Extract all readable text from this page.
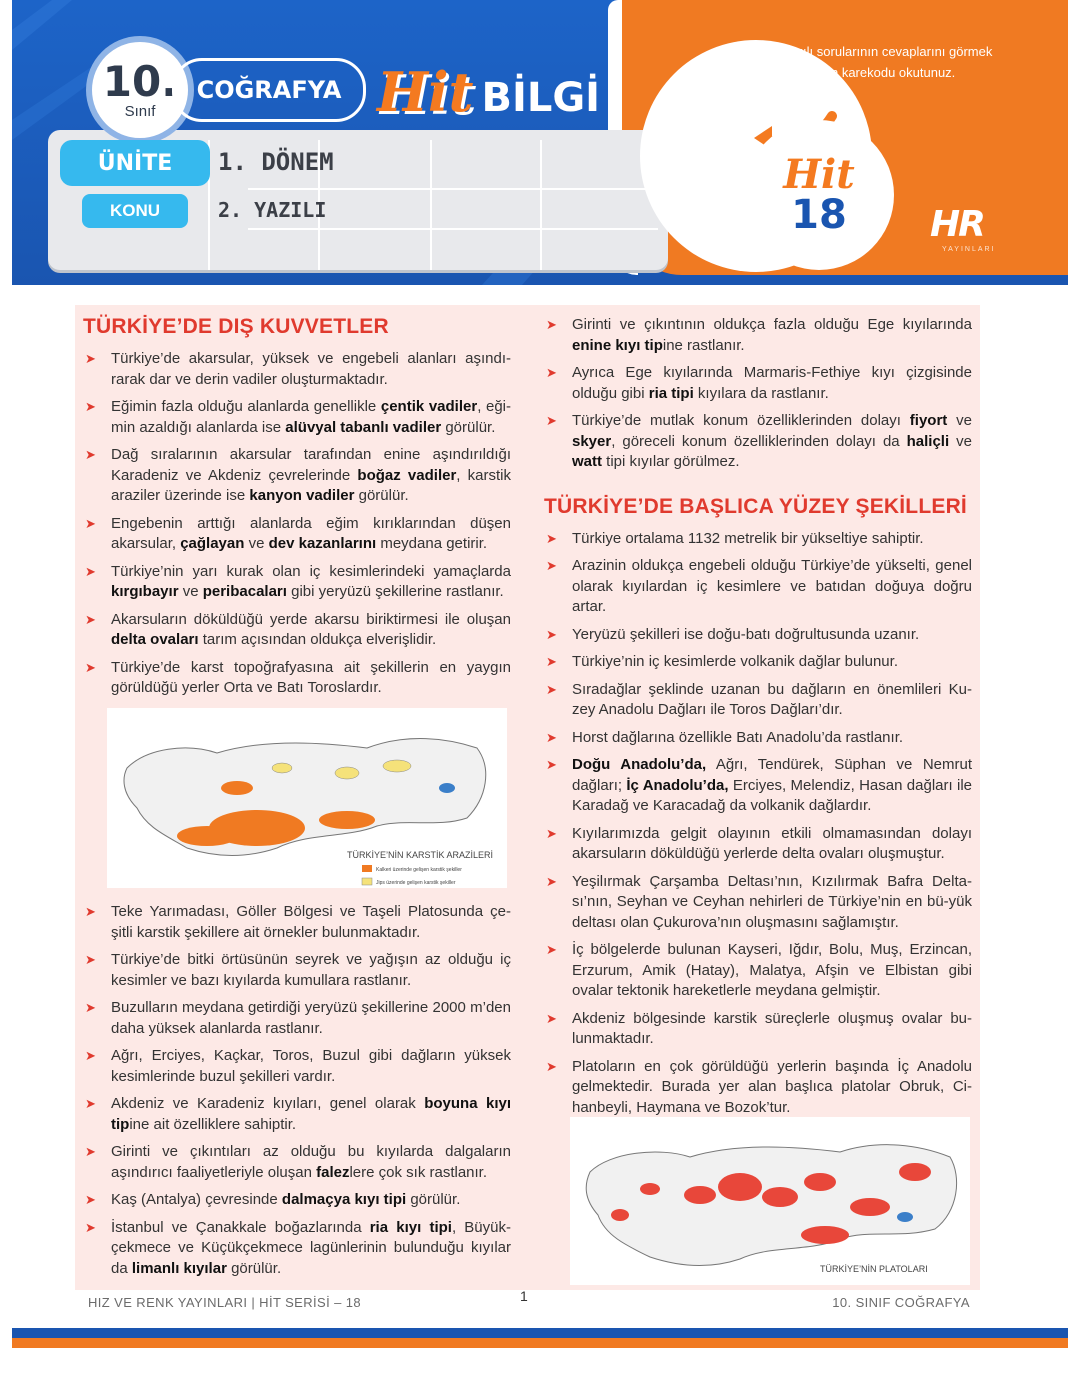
10.
Sınıf
COĞRAFYA Hit BİLGİ
ÜNİTE
KONU
1. DÖNEM
2. YAZILI
Yazılı sorularının cevaplarını görmek için karekodu okutunuz.
Hit
18 HR
YAYINLARI
TÜRKİYE’DE DIŞ KUVVETLER
➤ Türkiye’de akarsular, yüksek ve engebeli alanları aşındı-rarak dar ve derin vadiler oluşturmaktadır.
➤ Eğimin fazla olduğu alanlarda genellikle çentik vadiler, eği-min azaldığı alanlarda ise alüvyal tabanlı vadiler görülür.
➤ Dağ sıralarının akarsular tarafından enine aşındırıldığı Karadeniz ve Akdeniz çevrelerinde boğaz vadiler, karstik araziler üzerinde ise kanyon vadiler görülür.
➤ Engebenin arttığı alanlarda eğim kırıklarından düşen akarsular, çağlayan ve dev kazanlarını meydana getirir.
➤ Türkiye’nin yarı kurak olan iç kesimlerindeki yamaçlarda kırgıbayır ve peribacaları gibi yeryüzü şekillerine rastlanır.
➤ Akarsuların döküldüğü yerde akarsu biriktirmesi ile oluşan delta ovaları tarım açısından oldukça elverişlidir.
➤ Türkiye’de karst topoğrafyasına ait şekillerin en yaygın görüldüğü yerler Orta ve Batı Toroslardır.
TÜRKİYE’NİN KARSTİK ARAZİLERİ
Kalkeri üzerinde gelişen karstik şekiller
Jips üzerinde gelişen karstik şekiller
➤ Teke Yarımadası, Göller Bölgesi ve Taşeli Platosunda çe-şitli karstik şekillere ait örnekler bulunmaktadır.
➤ Türkiye’de bitki örtüsünün seyrek ve yağışın az olduğu iç kesimler ve bazı kıyılarda kumullara rastlanır.
➤ Buzulların meydana getirdiği yeryüzü şekillerine 2000 m’den daha yüksek alanlarda rastlanır.
➤ Ağrı, Erciyes, Kaçkar, Toros, Buzul gibi dağların yüksek kesimlerinde buzul şekilleri vardır.
➤ Akdeniz ve Karadeniz kıyıları, genel olarak boyuna kıyı tipine ait özelliklere sahiptir.
➤ Girinti ve çıkıntıları az olduğu bu kıyılarda dalgaların aşındırıcı faaliyetleriyle oluşan falezlere çok sık rastlanır.
➤ Kaş (Antalya) çevresinde dalmaçya kıyı tipi görülür.
➤ İstanbul ve Çanakkale boğazlarında ria kıyı tipi, Büyük-çekmece ve Küçükçekmece lagünlerinin bulunduğu kıyılar da limanlı kıyılar görülür.
➤ Girinti ve çıkıntının oldukça fazla olduğu Ege kıyılarında enine kıyı tipine rastlanır.
➤ Ayrıca Ege kıyılarında Marmaris-Fethiye kıyı çizgisinde olduğu gibi ria tipi kıyılara da rastlanır.
➤ Türkiye’de mutlak konum özelliklerinden dolayı fiyort ve skyer, göreceli konum özelliklerinden dolayı da haliçli ve watt tipi kıyılar görülmez.
TÜRKİYE’DE BAŞLICA YÜZEY ŞEKİLLERİ
➤ Türkiye ortalama 1132 metrelik bir yükseltiye sahiptir.
➤ Arazinin oldukça engebeli olduğu Türkiye’de yükselti, genel olarak kıyılardan iç kesimlere ve batıdan doğuya doğru artar.
➤ Yeryüzü şekilleri ise doğu-batı doğrultusunda uzanır.
➤ Türkiye’nin iç kesimlerde volkanik dağlar bulunur.
➤ Sıradağlar şeklinde uzanan bu dağların en önemlileri Ku-zey Anadolu Dağları ile Toros Dağları’dır.
➤ Horst dağlarına özellikle Batı Anadolu’da rastlanır.
➤ Doğu Anadolu’da, Ağrı, Tendürek, Süphan ve Nemrut dağları; İç Anadolu’da, Erciyes, Melendiz, Hasan dağları ile Karadağ ve Karacadağ da volkanik dağlardır.
➤ Kıyılarımızda gelgit olayının etkili olmamasından dolayı akarsuların döküldüğü yerlerde delta ovaları oluşmuştur.
➤ Yeşilırmak Çarşamba Deltası’nın, Kızılırmak Bafra Delta-sı’nın, Seyhan ve Ceyhan nehirleri de Türkiye’nin en bü-yük deltası olan Çukurova’nın oluşmasını sağlamıştır.
➤ İç bölgelerde bulunan Kayseri, Iğdır, Bolu, Muş, Erzincan, Erzurum, Amik (Hatay), Malatya, Afşin ve Elbistan gibi ovalar tektonik hareketlerle meydana gelmiştir.
➤ Akdeniz bölgesinde karstik süreçlerle oluşmuş ovalar bu-lunmaktadır.
➤ Platoların en çok görüldüğü yerlerin başında İç Anadolu gelmektedir. Burada yer alan başlıca platolar Obruk, Ci-hanbeyli, Haymana ve Bozok’tur.
TÜRKİYE’NİN PLATOLARI
HIZ VE RENK YAYINLARI | HİT SERİSİ – 18	1	10. SINIF COĞRAFYA
